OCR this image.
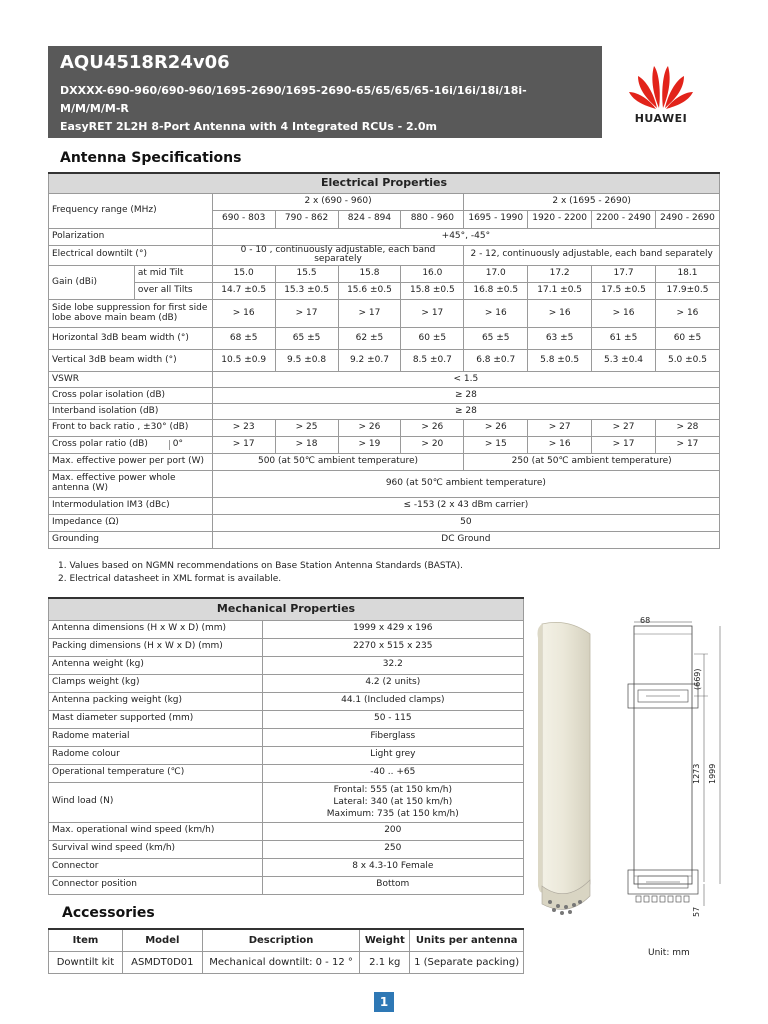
AQU4518R24v06
DXXXX-690-960/690-960/1695-2690/1695-2690-65/65/65/65-16i/16i/18i/18i-
M/M/M/M-R
EasyRET 2L2H 8-Port Antenna with 4 Integrated RCUs - 2.0m
HUAWEI
Antenna Specifications
Electrical Properties									
Frequency range (MHz)		2 x (690 - 960)				2 x (1695 - 2690)			
		690 - 803	790 - 862	824 - 894	880 - 960	1695 - 1990	1920 - 2200	2200 - 2490	2490 - 2690
Polarization		+45°, -45°							
Electrical downtilt (°)		0 - 10 , continuously adjustable, each band separately				2 - 12, continuously adjustable, each band separately			
Gain (dBi)	at mid Tilt	15.0	15.5	15.8	16.0	17.0	17.2	17.7	18.1
	over all Tilts	14.7 ±0.5	15.3 ±0.5	15.6 ±0.5	15.8 ±0.5	16.8 ±0.5	17.1 ±0.5	17.5 ±0.5	17.9±0.5
Side lobe suppression for first side lobe above main beam (dB)		> 16	> 17	> 17	> 17	> 16	> 16	> 16	> 16
Horizontal 3dB beam width (°)		68 ±5	65 ±5	62 ±5	60 ±5	65 ±5	63 ±5	61 ±5	60 ±5
Vertical 3dB beam width (°)		10.5 ±0.9	9.5 ±0.8	9.2 ±0.7	8.5 ±0.7	6.8 ±0.7	5.8 ±0.5	5.3 ±0.4	5.0 ±0.5
VSWR		< 1.5							
Cross polar isolation (dB)		≥ 28							
Interband isolation (dB)		≥ 28							
Front to back ratio , ±30° (dB)		> 23	> 25	> 26	> 26	> 26	> 27	> 27	> 28
Cross polar ratio (dB) 0°		> 17	> 18	> 19	> 20	> 15	> 16	> 17	> 17
Max. effective power per port (W)		500 (at 50℃ ambient temperature)				250 (at 50℃ ambient temperature)			
Max. effective power whole antenna (W)		960 (at 50℃ ambient temperature)							
Intermodulation IM3 (dBc)		≤ -153 (2 x 43 dBm carrier)							
Impedance (Ω)		50							
Grounding		DC Ground							
1. Values based on NGMN recommendations on Base Station Antenna Standards (BASTA).
2. Electrical datasheet in XML format is available.
Mechanical Properties	
Antenna dimensions (H x W x D) (mm)	1999 x 429 x 196
Packing dimensions (H x W x D) (mm)	2270 x 515 x 235
Antenna weight (kg)	32.2
Clamps weight (kg)	4.2 (2 units)
Antenna packing weight (kg)	44.1 (Included clamps)
Mast diameter supported (mm)	50 - 115
Radome material	Fiberglass
Radome colour	Light grey
Operational temperature (℃)	-40 .. +65
Wind load (N)	Frontal: 555 (at 150 km/h)
Lateral: 340 (at 150 km/h)
Maximum: 735 (at 150 km/h)

Max. operational wind speed (km/h)	200
Survival wind speed (km/h)	250
Connector	8 x 4.3-10 Female
Connector position	Bottom
68
(669)
1273 1999
57
Accessories
Item	Model	Description	Weight	Units per antenna
Downtilt kit	ASMDT0D01	Mechanical downtilt: 0 - 12 °	2.1 kg	1 (Separate packing)
Unit: mm
1
